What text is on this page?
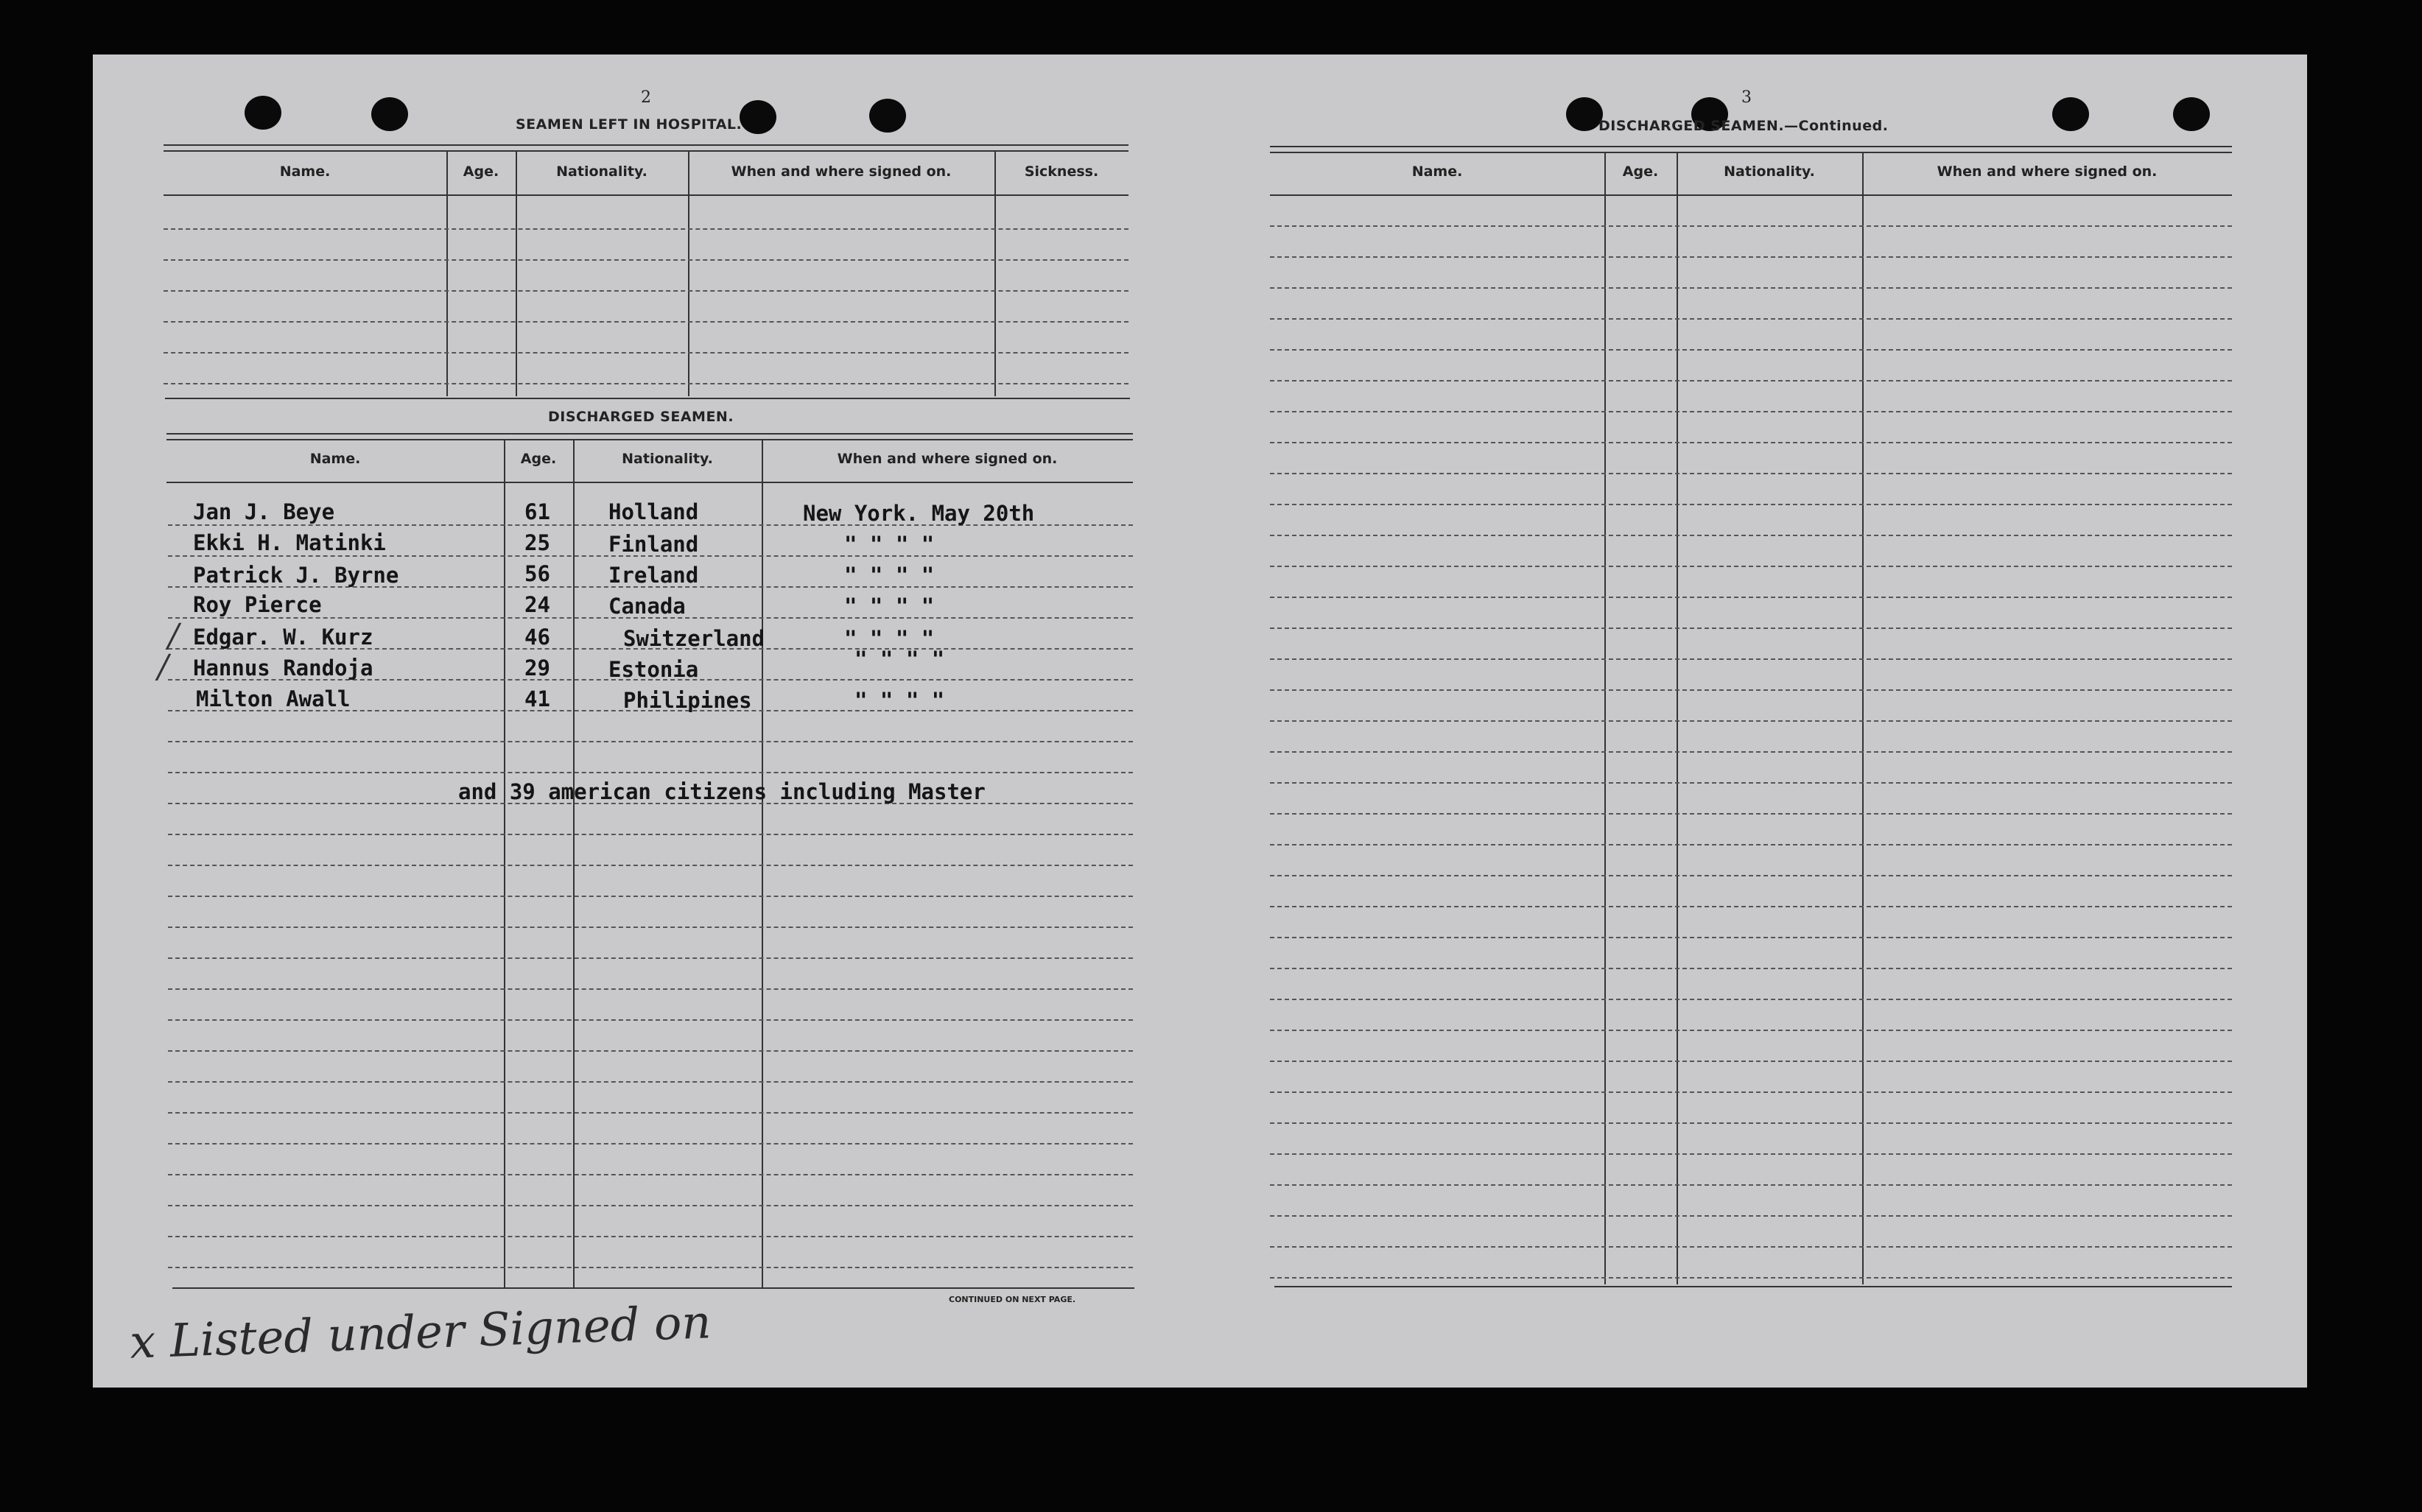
2
SEAMEN LEFT IN HOSPITAL.
Name.	Age.	Nationality.	When and where signed on.	Sickness.
DISCHARGED SEAMEN.
Name.	Age.	Nationality.	When and where signed on.
Jan J. Beye	61	Holland	New York. May 20th
Ekki H. Matinki	25	Finland	" " " "
Patrick J. Byrne	56	Ireland	" " " "
Roy Pierce	24	Canada	" " " "
Edgar. W. Kurz	46	Switzerland	" " " "
Hannus Randoja	29	Estonia	" " " "
Milton Awall	41	Philipines	" " " "
/
/
and 39 american citizens including Master
CONTINUED ON NEXT PAGE.
x Listed under Signed on
3
DISCHARGED SEAMEN.—Continued.
Name.	Age.	Nationality.	When and where signed on.
